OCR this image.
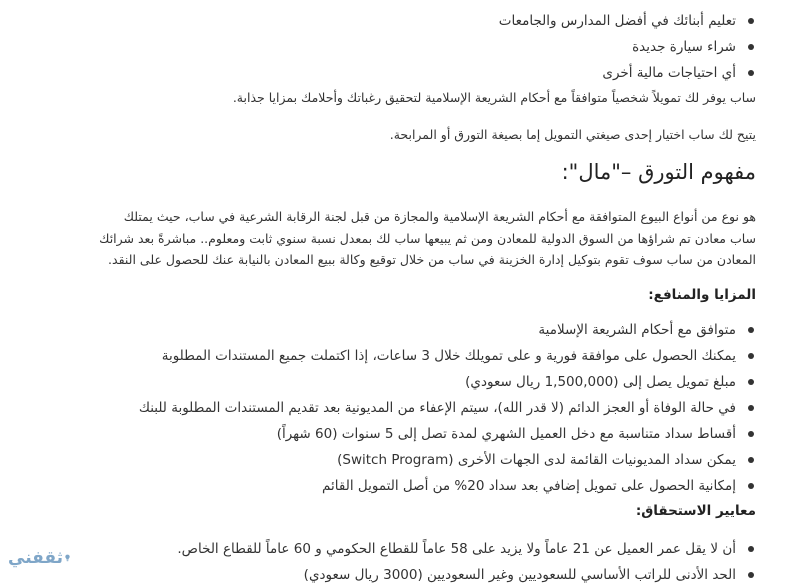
تعليم أبنائك في أفضل المدارس والجامعات
شراء سيارة جديدة
أي احتياجات مالية أخرى

ساب يوفر لك تمويلاً شخصياً متوافقاً مع أحكام الشريعة الإسلامية لتحقيق رغباتك وأحلامك بمزايا جذابة.

يتيح لك ساب اختيار إحدى صيغتي التمويل إما بصيغة التورق أو المرابحة.

مفهوم التورق –"مال":
هو نوع من أنواع البيوع المتوافقة مع أحكام الشريعة الإسلامية والمجازة من قبل لجنة الرقابة الشرعية في ساب، حيث يمتلك
ساب معادن تم شراؤها من السوق الدولية للمعادن ومن ثم يبيعها ساب لك بمعدل نسبة سنوي ثابت ومعلوم.. مباشرةً بعد شرائك
المعادن من ساب سوف تقوم بتوكيل إدارة الخزينة في ساب من خلال توقيع وكالة ببيع المعادن بالنيابة عنك للحصول على النقد.
المزايا والمنافع:
متوافق مع أحكام الشريعة الإسلامية
يمكنك الحصول على موافقة فورية و على تمويلك خلال 3 ساعات، إذا اكتملت جميع المستندات المطلوبة
مبلغ تمويل يصل إلى (1,500,000 ريال سعودي)
في حالة الوفاة أو العجز الدائم (لا قدر الله)، سيتم الإعفاء من المديونية بعد تقديم المستندات المطلوبة للبنك
أقساط سداد متناسبة مع دخل العميل الشهري لمدة تصل إلى 5 سنوات (60 شهراً)
يمكن سداد المديونيات القائمة لدى الجهات الأخرى (Switch Program)
إمكانية الحصول على تمويل إضافي بعد سداد 20% من أصل التمويل القائم
معايير الاستحقاق:
أن لا يقل عمر العميل عن 21 عاماً ولا يزيد على 58 عاماً للقطاع الحكومي و 60 عاماً للقطاع الخاص.
الحد الأدنى للراتب الأساسي للسعوديين وغير السعوديين (3000 ريال سعودي)
ثقفني
